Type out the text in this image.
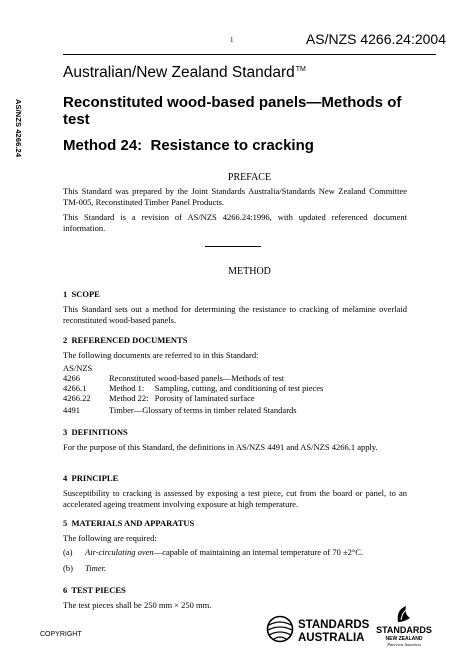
1	AS/NZS 4266.24:2004
Australian/New Zealand Standard™
AS/NZS 4266.24	Reconstituted wood-based panels—Methods of test
Method 24:  Resistance to cracking
PREFACE
This Standard was prepared by the Joint Standards Australia/Standards New Zealand Committee TM-005, Reconstituted Timber Panel Products.
This Standard is a revision of AS/NZS 4266.24:1996, with updated referenced document information.
METHOD
1  SCOPE
This Standard sets out a method for determining the resistance to cracking of melamine overlaid reconstituted wood-based panels.
2  REFERENCED DOCUMENTS
The following documents are referred to in this Standard:
AS/NZS
4266	Reconstituted wood-based panels—Methods of test
4266.1	Method 1:     Sampling, cutting, and conditioning of test pieces
4266.22 Method 22:   Porosity of laminated surface
4491	Timber—Glossary of terms in timber related Standards
3  DEFINITIONS
For the purpose of this Standard, the definitions in AS/NZS 4491 and AS/NZS 4266.1 apply.
4  PRINCIPLE
Susceptibility to cracking is assessed by exposing a test piece, cut from the board or panel, to an accelerated ageing treatment involving exposure at high temperature.
5  MATERIALS AND APPARATUS
The following are required:
(a) Air-circulating oven—capable of maintaining an internal temperature of 70 ±2°C.
(b) Timer.
6  TEST PIECES
The test pieces shall be 250 mm × 250 mm.
COPYRIGHT
STANDARDS
AUSTRALIA
STANDARDS
NEW ZEALAND
Paerewa Aotearoa
